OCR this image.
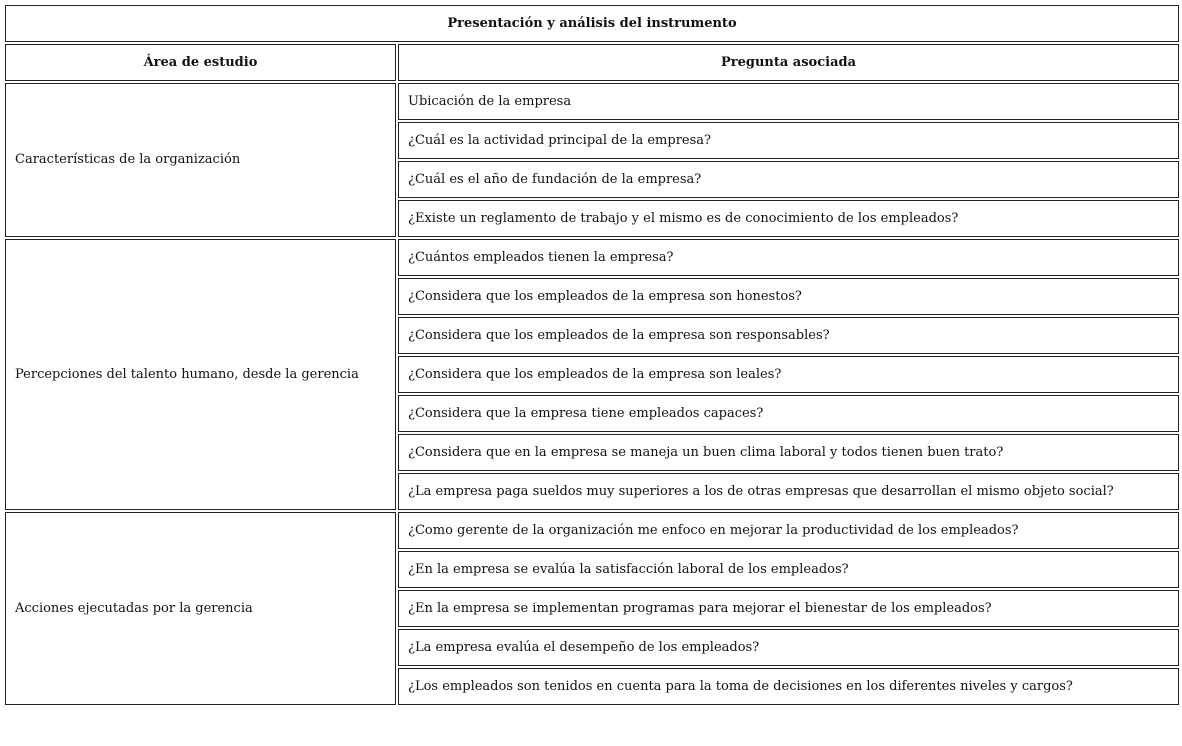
Presentación y análisis del instrumento	
Área de estudio	Pregunta asociada
Características de la organización	Ubicación de la empresa
	¿Cuál es la actividad principal de la empresa?
	¿Cuál es el año de fundación de la empresa?
	¿Existe un reglamento de trabajo y el mismo es de conocimiento de los empleados?
Percepciones del talento humano, desde la gerencia	¿Cuántos empleados tienen la empresa?
	¿Considera que los empleados de la empresa son honestos?
	¿Considera que los empleados de la empresa son responsables?
	¿Considera que los empleados de la empresa son leales?
	¿Considera que la empresa tiene empleados capaces?
	¿Considera que en la empresa se maneja un buen clima laboral y todos tienen buen trato?
	¿La empresa paga sueldos muy superiores a los de otras empresas que desarrollan el mismo objeto social?
Acciones ejecutadas por la gerencia	¿Como gerente de la organización me enfoco en mejorar la productividad de los empleados?
	¿En la empresa se evalúa la satisfacción laboral de los empleados?
	¿En la empresa se implementan programas para mejorar el bienestar de los empleados?
	¿La empresa evalúa el desempeño de los empleados?
	¿Los empleados son tenidos en cuenta para la toma de decisiones en los diferentes niveles y cargos?
